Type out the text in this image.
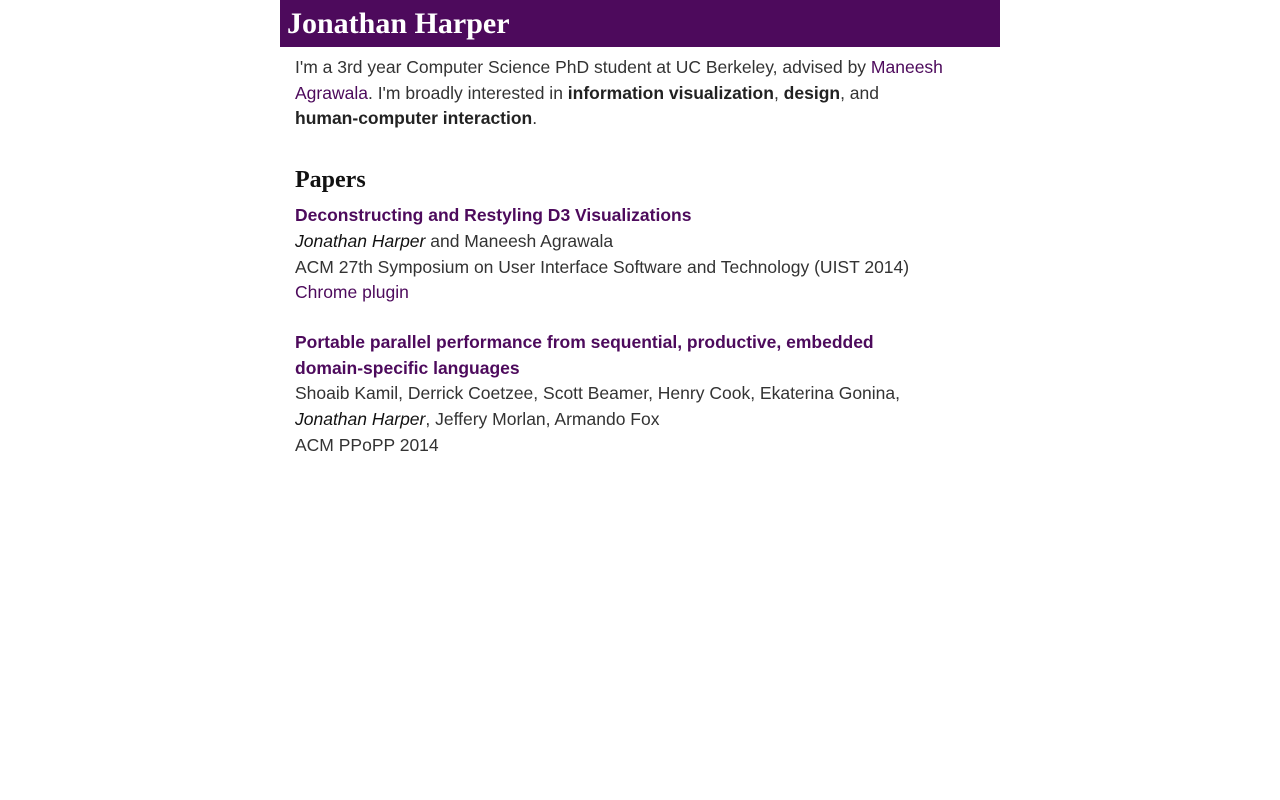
Jonathan Harper

I'm a 3rd year Computer Science PhD student at UC Berkeley, advised by Maneesh Agrawala. I'm broadly interested in information visualization, design, and
human-computer interaction.

Papers
Deconstructing and Restyling D3 Visualizations
Jonathan Harper and Maneesh Agrawala
ACM 27th Symposium on User Interface Software and Technology (UIST 2014)
Chrome plugin
Portable parallel performance from sequential, productive, embedded domain-specific languages
Shoaib Kamil, Derrick Coetzee, Scott Beamer, Henry Cook, Ekaterina Gonina,
Jonathan Harper, Jeffery Morlan, Armando Fox
ACM PPoPP 2014
